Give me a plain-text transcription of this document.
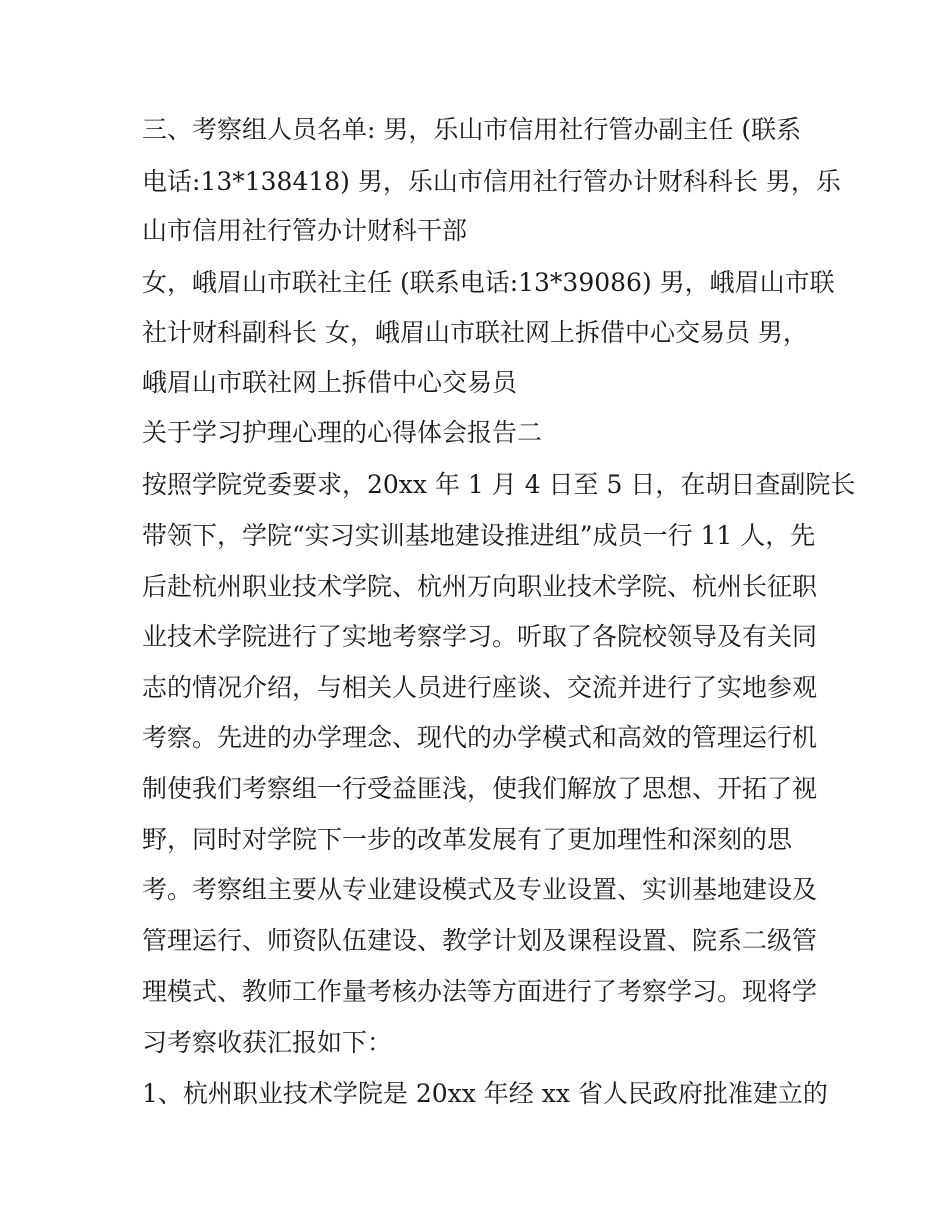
三、考察组人员名单: 男，乐山市信用社行管办副主任 (联系

电话:13*138418) 男，乐山市信用社行管办计财科科长 男，乐

山市信用社行管办计财科干部

女，峨眉山市联社主任 (联系电话:13*39086) 男，峨眉山市联

社计财科副科长 女，峨眉山市联社网上拆借中心交易员 男，

峨眉山市联社网上拆借中心交易员

关于学习护理心理的心得体会报告二

按照学院党委要求，20xx 年 1 月 4 日至 5 日，在胡日查副院长

带领下，学院“实习实训基地建设推进组”成员一行 11 人，先

后赴杭州职业技术学院、杭州万向职业技术学院、杭州长征职

业技术学院进行了实地考察学习。听取了各院校领导及有关同

志的情况介绍，与相关人员进行座谈、交流并进行了实地参观

考察。先进的办学理念、现代的办学模式和高效的管理运行机

制使我们考察组一行受益匪浅，使我们解放了思想、开拓了视

野，同时对学院下一步的改革发展有了更加理性和深刻的思

考。考察组主要从专业建设模式及专业设置、实训基地建设及

管理运行、师资队伍建设、教学计划及课程设置、院系二级管

理模式、教师工作量考核办法等方面进行了考察学习。现将学

习考察收获汇报如下：

1、杭州职业技术学院是 20xx 年经 xx 省人民政府批准建立的
